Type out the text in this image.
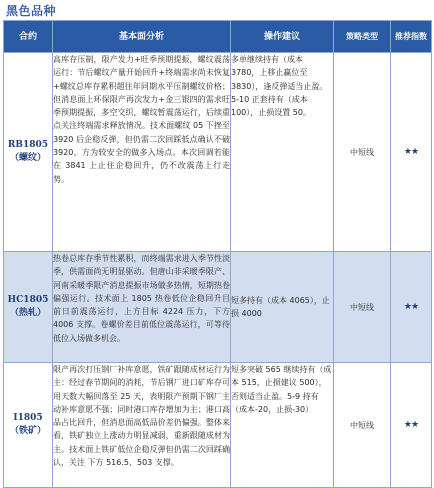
黑色品种
合约	基本面分析	操作建议	策略类型	推荐指数

RB1805
（螺纹）	高库存压制，限产发力+旺季预期提振，螺纹震荡运行：节后螺纹产量开始回升+终端需求尚未恢复+螺纹总库存累积超往年同期水平压制螺纹价格；但消息面上环保限产再次发力+金三银四的需求旺季预期提振，多空交织，螺纹暂震荡运行，后续重点关注终端需求释放情况。技术面螺纹 05 下挫至 3920 后企稳反弹，但仍需二次回踩低点确认不破 3920，方为较安全的做多入场点。本次回调若能在 3841 上止住企稳回升，仍不改震荡上行走势。	多单继续持有（成本 3780，上移止赢位至 3830），逢反弹适当止盈。5-10 正套持有（成本 100），止损设置 50。	中短线	★★

HC1805
（热轧）	热卷总库存季节性累积，而终端需求进入季节性淡季，供需面尚无明显驱动。但唐山非采暖季限产、河南采暖季限产消息提振市场做多热情，短期热卷偏强运行。技术面上 1805 热卷低位企稳回升目前日前震荡运行，上方目标 4224 压力，下方 4006 支撑。卷螺价差目前低位震荡运行，可等待低位入场做多机会。	短多持有（成本 4065），止损 4000	中短线	★★

I1805
（铁矿）	限产再次打压钢厂补库意愿，铁矿跟随成材运行为主：经过春节期间的消耗，节后钢厂进口矿库存可用天数大幅回落至 25 天，表明限产预期下钢厂主动补库意愿不强；同时港口库存增加为主；港口高品占比回升，但消息面高低品价差仍偏强。整体来看，铁矿独立上涨动力明显减弱，重新跟随成材为主。技术面上铁矿低位企稳反弹但仍需二次回踩确认，关注 下方 516.5、503 支撑。	短多突破 565 继续持有（成本 515，止损建议 500），否则适当止盈。5-9 持有（成本-20，止损-30）	中短线	★★
